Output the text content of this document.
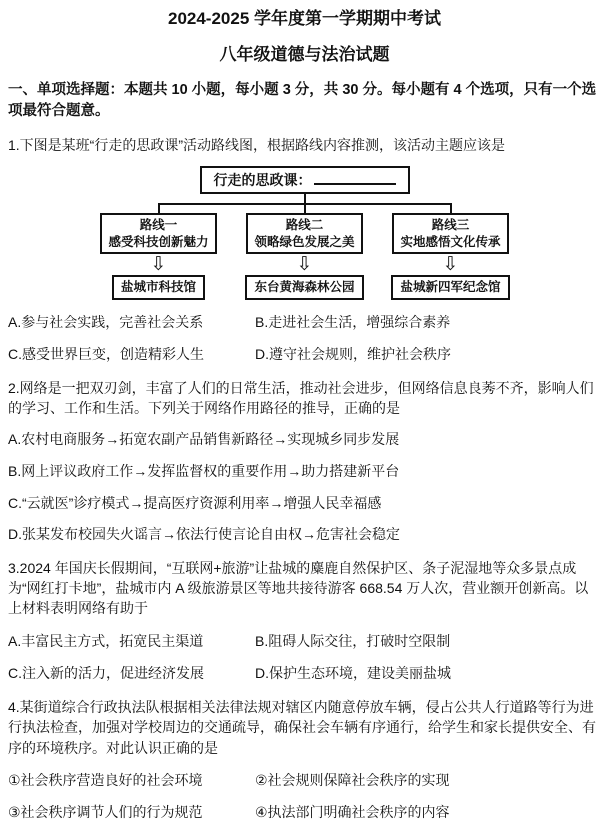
2024-2025 学年度第一学期期中考试
八年级道德与法治试题
一、单项选择题：本题共 10 小题，每小题 3 分，共 30 分。每小题有 4 个选项，只有一个选项最符合题意。
1.下图是某班“行走的思政课”活动路线图，根据路线内容推测，该活动主题应该是
行走的思政课：
路线一
感受科技创新魅力
⇩
盐城市科技馆
路线二
领略绿色发展之美
⇩
东台黄海森林公园
路线三
实地感悟文化传承
⇩
盐城新四军纪念馆
A.参与社会实践，完善社会关系	B.走进社会生活，增强综合素养
C.感受世界巨变，创造精彩人生	D.遵守社会规则，维护社会秩序
2.网络是一把双刃剑，丰富了人们的日常生活，推动社会进步，但网络信息良莠不齐，影响人们的学习、工作和生活。下列关于网络作用路径的推导，正确的是
A.农村电商服务→拓宽农副产品销售新路径→实现城乡同步发展
B.网上评议政府工作→发挥监督权的重要作用→助力搭建新平台
C.“云就医”诊疗模式→提高医疗资源利用率→增强人民幸福感
D.张某发布校园失火谣言→依法行使言论自由权→危害社会稳定
3.2024 年国庆长假期间，“互联网+旅游”让盐城的麋鹿自然保护区、条子泥湿地等众多景点成为“网红打卡地”，盐城市内 A 级旅游景区等地共接待游客 668.54 万人次，营业额开创新高。以上材料表明网络有助于
A.丰富民主方式，拓宽民主渠道	B.阻碍人际交往，打破时空限制
C.注入新的活力，促进经济发展	D.保护生态环境，建设美丽盐城
4.某街道综合行政执法队根据相关法律法规对辖区内随意停放车辆，侵占公共人行道路等行为进行执法检查，加强对学校周边的交通疏导，确保社会车辆有序通行，给学生和家长提供安全、有序的环境秩序。对此认识正确的是
①社会秩序营造良好的社会环境	②社会规则保障社会秩序的实现
③社会秩序调节人们的行为规范	④执法部门明确社会秩序的内容
